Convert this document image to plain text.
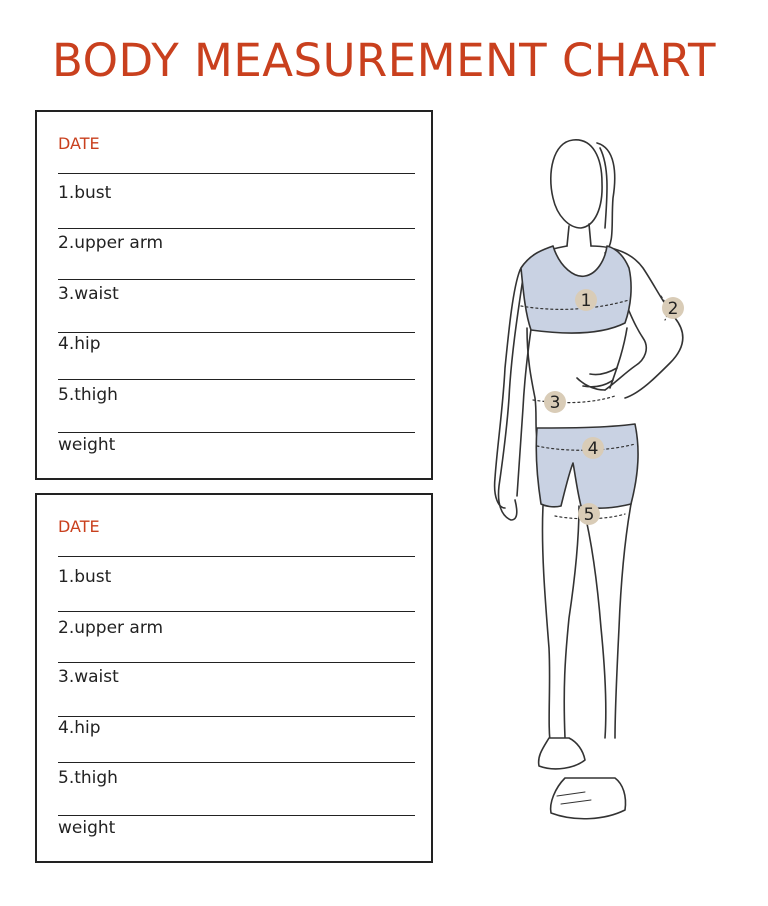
BODY MEASUREMENT CHART
DATE
1.bust
2.upper arm
3.waist
4.hip
5.thigh
weight
DATE
1.bust
2.upper arm
3.waist
4.hip
5.thigh
weight
1	2
3
4
5
